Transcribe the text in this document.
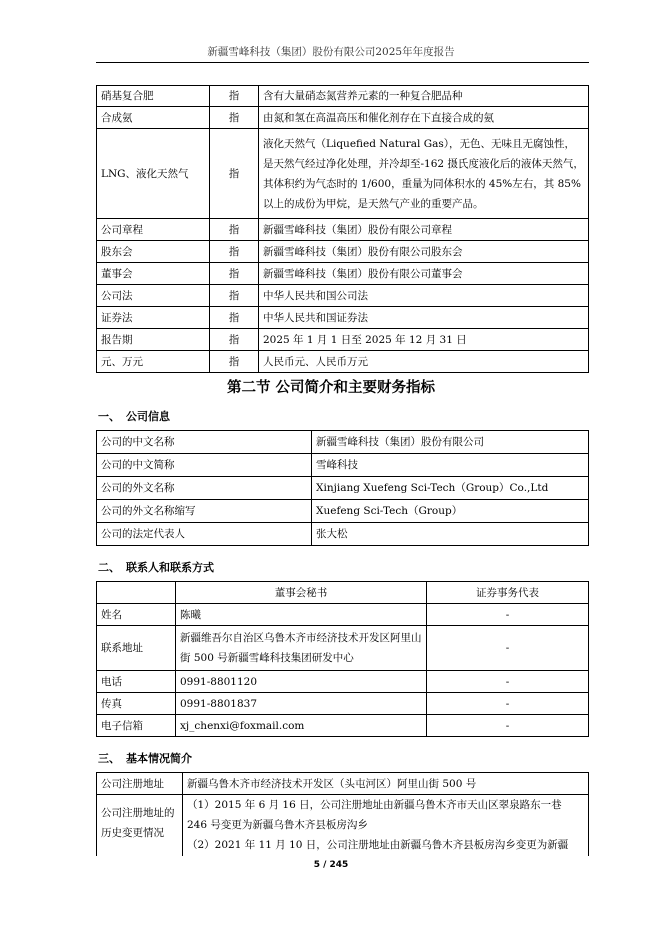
新疆雪峰科技（集团）股份有限公司2025年年度报告
硝基复合肥	指	含有大量硝态氮营养元素的一种复合肥品种
合成氨	指	由氮和氢在高温高压和催化剂存在下直接合成的氨
LNG、液化天然气	指	液化天然气（Liquefied Natural Gas），无色、无味且无腐蚀性，是天然气经过净化处理，并冷却至-162 摄氏度液化后的液体天然气，其体积约为气态时的 1/600，重量为同体积水的 45%左右，其 85%以上的成份为甲烷，是天然气产业的重要产品。
公司章程	指	新疆雪峰科技（集团）股份有限公司章程
股东会	指	新疆雪峰科技（集团）股份有限公司股东会
董事会	指	新疆雪峰科技（集团）股份有限公司董事会
公司法	指	中华人民共和国公司法
证券法	指	中华人民共和国证券法
报告期	指	2025 年 1 月 1 日至 2025 年 12 月 31 日
元、万元	指	人民币元、人民币万元
第二节 公司简介和主要财务指标
一、 公司信息
公司的中文名称	新疆雪峰科技（集团）股份有限公司
公司的中文简称	雪峰科技
公司的外文名称	Xinjiang Xuefeng Sci-Tech（Group）Co.,Ltd
公司的外文名称缩写	Xuefeng Sci-Tech（Group）
公司的法定代表人	张大松
二、 联系人和联系方式
	董事会秘书	证券事务代表
姓名	陈曦	-
联系地址	新疆维吾尔自治区乌鲁木齐市经济技术开发区阿里山街 500 号新疆雪峰科技集团研发中心	-
电话	0991-8801120	-
传真	0991-8801837	-
电子信箱	xj_chenxi@foxmail.com	-
三、 基本情况简介
公司注册地址	新疆乌鲁木齐市经济技术开发区（头屯河区）阿里山街 500 号
公司注册地址的历史变更情况	（1）2015 年 6 月 16 日，公司注册地址由新疆乌鲁木齐市天山区翠泉路东一巷 246 号变更为新疆乌鲁木齐县板房沟乡
（2）2021 年 11 月 10 日，公司注册地址由新疆乌鲁木齐县板房沟乡变更为新疆
5 / 245
